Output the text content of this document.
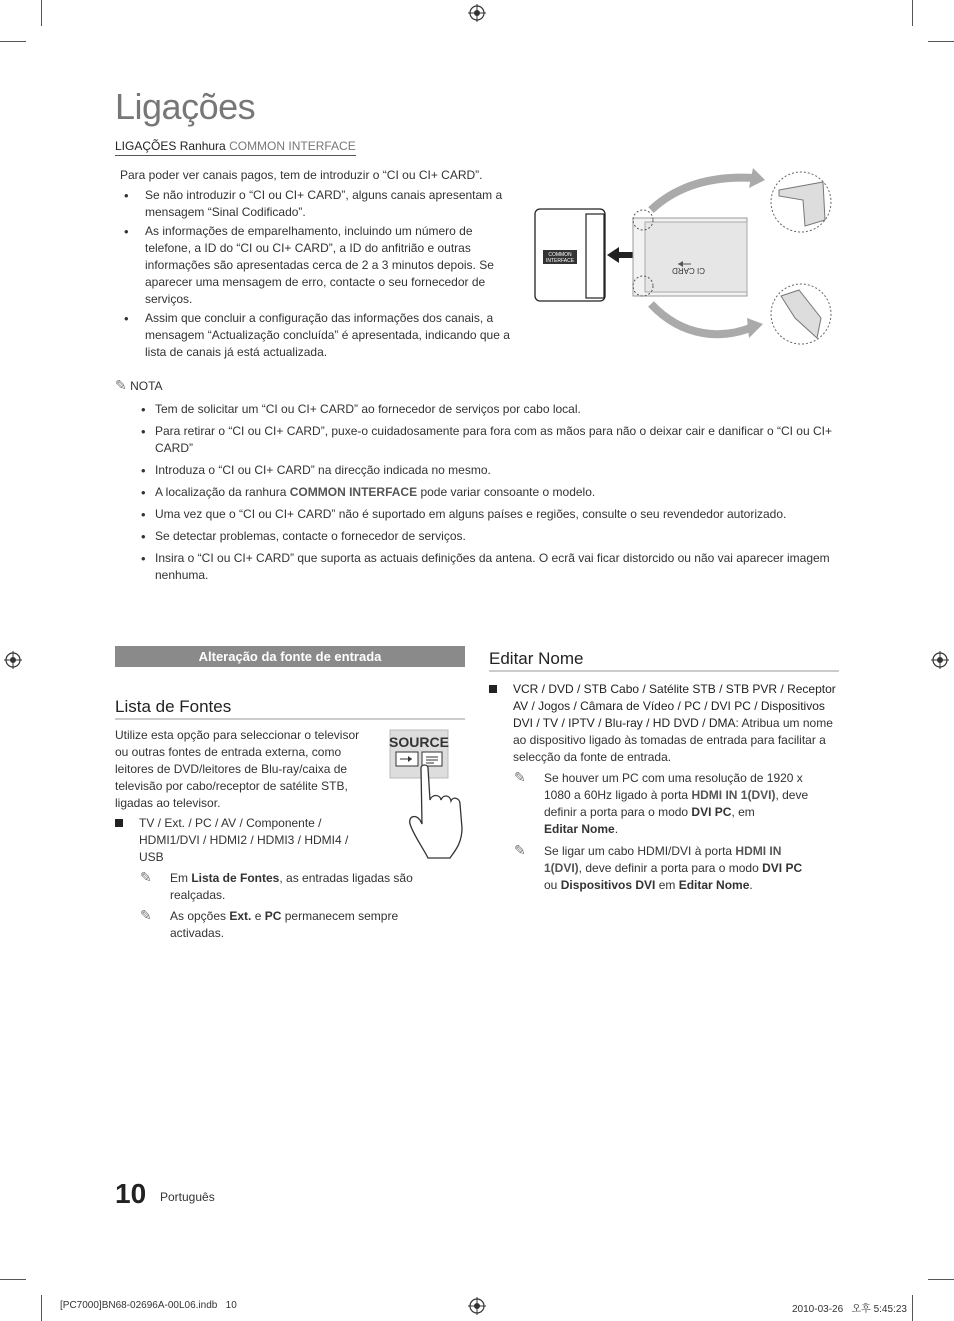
Ligações
LIGAÇÕES Ranhura COMMON INTERFACE
Para poder ver canais pagos, tem de introduzir o “CI ou CI+ CARD”.
• Se não introduzir o “CI ou CI+ CARD”, alguns canais apresentam a mensagem “Sinal Codificado”.
• As informações de emparelhamento, incluindo um número de telefone, a ID do “CI ou CI+ CARD”, a ID do anfitrião e outras informações são apresentadas cerca de 2 a 3 minutos depois. Se aparecer uma mensagem de erro, contacte o seu fornecedor de serviços.
• Assim que concluir a configuração das informações dos canais, a mensagem “Actualização concluída” é apresentada, indicando que a lista de canais já está actualizada.
COMMON
INTERFACE
CI CARD
✎ NOTA
• Tem de solicitar um “CI ou CI+ CARD” ao fornecedor de serviços por cabo local.
• Para retirar o “CI ou CI+ CARD”, puxe-o cuidadosamente para fora com as mãos para não o deixar cair e danificar o “CI ou CI+ CARD”
• Introduza o “CI ou CI+ CARD” na direcção indicada no mesmo.
• A localização da ranhura COMMON INTERFACE pode variar consoante o modelo.
• Uma vez que o “CI ou CI+ CARD” não é suportado em alguns países e regiões, consulte o seu revendedor autorizado.
• Se detectar problemas, contacte o fornecedor de serviços.
• Insira o “CI ou CI+ CARD” que suporta as actuais definições da antena. O ecrã vai ficar distorcido ou não vai aparecer imagem nenhuma.
Alteração da fonte de entrada
Lista de Fontes
Utilize esta opção para seleccionar o televisor ou outras fontes de entrada externa, como leitores de DVD/leitores de Blu-ray/caixa de televisão por cabo/receptor de satélite STB, ligadas ao televisor.
SOURCE
TV / Ext. / PC / AV / Componente / HDMI1/DVI / HDMI2 / HDMI3 / HDMI4 / USB
✎ Em Lista de Fontes, as entradas ligadas são realçadas.
✎ As opções Ext. e PC permanecem sempre activadas.
Editar Nome
VCR / DVD / STB Cabo / Satélite STB / STB PVR / Receptor AV / Jogos / Câmara de Vídeo / PC / DVI PC / Dispositivos DVI / TV / IPTV / Blu-ray / HD DVD / DMA: Atribua um nome ao dispositivo ligado às tomadas de entrada para facilitar a selecção da fonte de entrada.
✎ Se houver um PC com uma resolução de 1920 x 1080 a 60Hz ligado à porta HDMI IN 1(DVI), deve definir a porta para o modo DVI PC, em
Editar Nome.
✎ Se ligar um cabo HDMI/DVI à porta HDMI IN 1(DVI), deve definir a porta para o modo DVI PC ou Dispositivos DVI em Editar Nome.
10 Português
[PC7000]BN68-02696A-00L06.indb   10	2010-03-26   오후 5:45:23
